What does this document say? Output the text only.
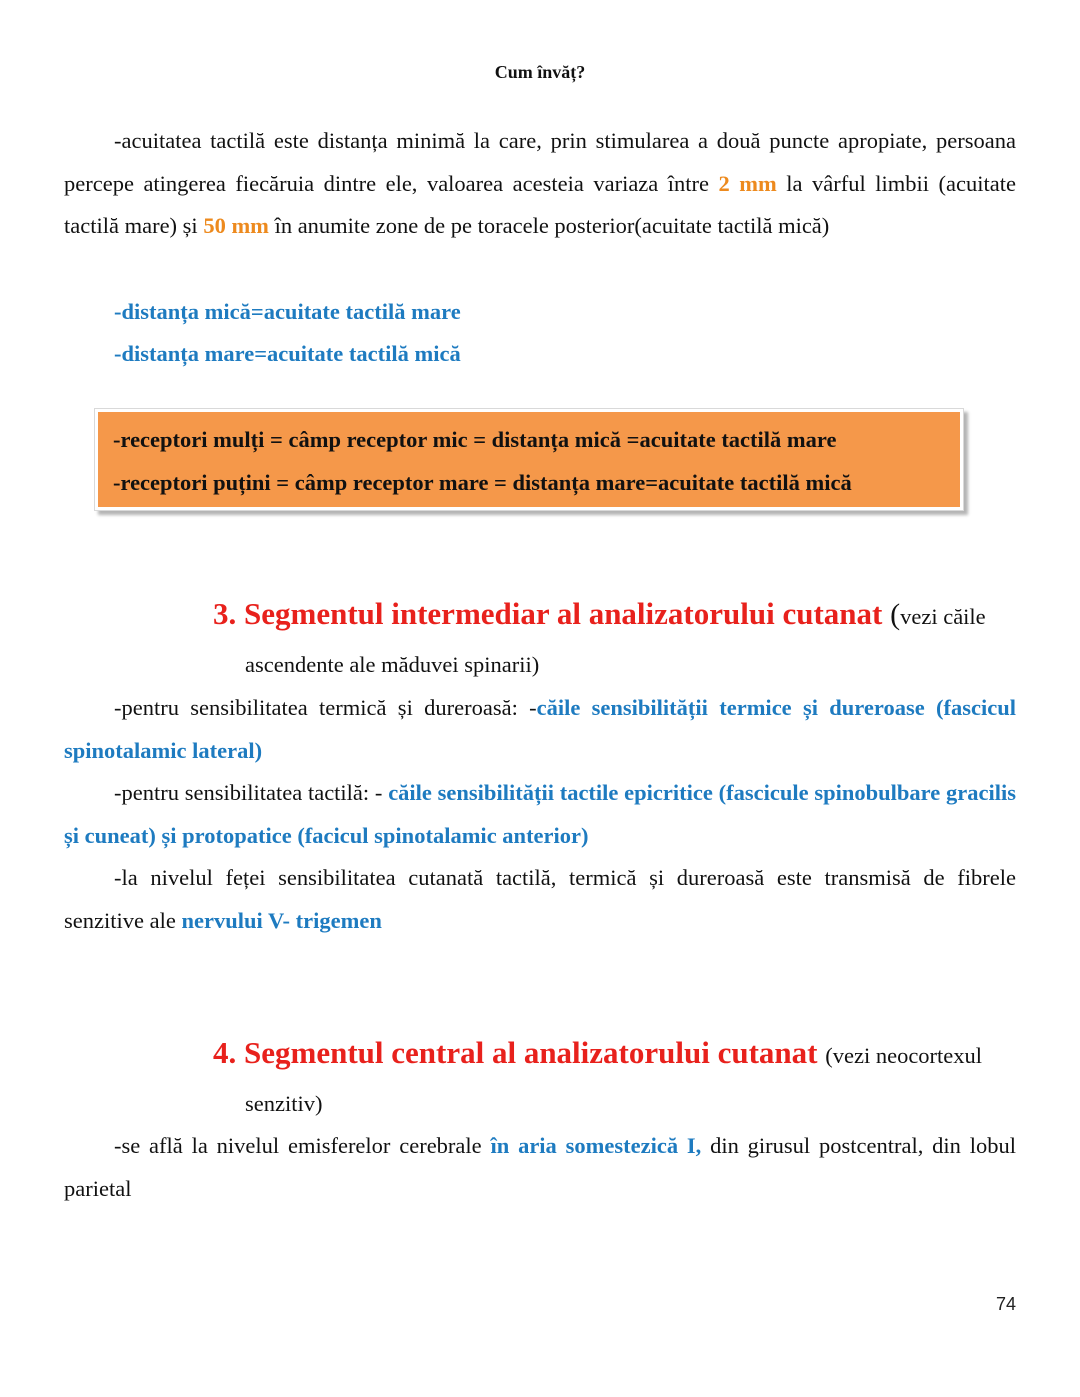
Cum învăț?

-acuitatea tactilă este distanța minimă la care, prin stimularea a două puncte apropiate, persoana percepe atingerea fiecăruia dintre ele, valoarea acesteia variaza între 2 mm la vârful limbii (acuitate tactilă mare) și 50 mm în anumite zone de pe toracele posterior(acuitate tactilă mică)

-distanța mică=acuitate tactilă mare
-distanța mare=acuitate tactilă mică
-receptori mulți = câmp receptor mic = distanța mică =acuitate tactilă mare
-receptori puțini = câmp receptor mare = distanța mare=acuitate tactilă mică
3. Segmentul intermediar al analizatorului cutanat (vezi căile
ascendente ale măduvei spinarii)

-pentru sensibilitatea termică și dureroasă: -căile sensibilității termice și dureroase (fascicul spinotalamic lateral)

-pentru sensibilitatea tactilă: - căile sensibilității tactile epicritice (fascicule spinobulbare gracilis și cuneat) și protopatice (facicul spinotalamic anterior)

-la nivelul feței sensibilitatea cutanată tactilă, termică și dureroasă este transmisă de fibrele senzitive ale nervului V- trigemen

4. Segmentul central al analizatorului cutanat (vezi neocortexul
senzitiv)

-se află la nivelul emisferelor cerebrale în aria somestezică I, din girusul postcentral, din lobul parietal

74
